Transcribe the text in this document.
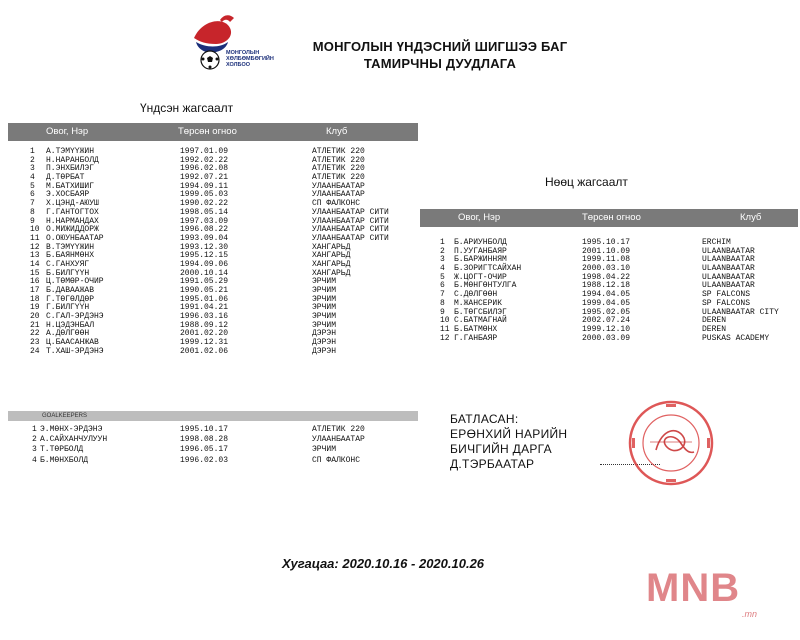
МОНГОЛЫН
ХӨЛБӨМБӨГИЙН
ХОЛБОО
МОНГОЛЫН ҮНДЭСНИЙ ШИГШЭЭ БАГ
ТАМИРЧНЫ ДУУДЛАГА
Үндсэн жагсаалт
Овог, Нэр	Төрсөн огноо	Клуб
1 А.ТЭМҮҮЖИН	1997.01.09	АТЛЕТИК 220
2 Н.НАРАНБОЛД	1992.02.22	АТЛЕТИК 220
3 П.ЭНХБИЛЭГ	1996.02.08	АТЛЕТИК 220
4 Д.ТӨРБАТ	1992.07.21	АТЛЕТИК 220
5 М.БАТХИШИГ	1994.09.11	УЛААНБААТАР
6 Э.ХОСБАЯР	1999.05.03	УЛААНБААТАР
7 Х.ЦЭНД-АЮУШ	1990.02.22	СП ФАЛКОНС
8 Г.ГАНТОГТОХ	1998.05.14	УЛААНБААТАР СИТИ
9 Н.НАРМАНДАХ	1997.03.09	УЛААНБААТАР СИТИ
10 О.МИЖИДДОРЖ	1996.08.22	УЛААНБААТАР СИТИ
11 О.ОЮУНБААТАР	1993.09.04	УЛААНБААТАР СИТИ
12 В.ТЭМҮҮЖИН	1993.12.30	ХАНГАРЬД
13 Б.БАЯНМӨНХ	1995.12.15	ХАНГАРЬД
14 С.ГАНХУЯГ	1994.09.06	ХАНГАРЬД
15 Б.БИЛГҮҮН	2000.10.14	ХАНГАРЬД
16 Ц.ТӨМӨР-ОЧИР	1991.05.29	ЭРЧИМ
17 Б.ДАВААЖАВ	1990.05.21	ЭРЧИМ
18 Г.ТӨГӨЛДӨР	1995.01.06	ЭРЧИМ
19 Г.БИЛГҮҮН	1991.04.21	ЭРЧИМ
20 С.ГАЛ-ЭРДЭНЭ	1996.03.16	ЭРЧИМ
21 Н.ЦЭДЭНБАЛ	1988.09.12	ЭРЧИМ
22 А.ДӨЛГӨӨН	2001.02.20	ДЭРЭН
23 Ц.БААСАНЖАВ	1999.12.31	ДЭРЭН
24 Т.ХАШ-ЭРДЭНЭ	2001.02.06	ДЭРЭН
GOALKEEPERS
1 Э.МӨНХ-ЭРДЭНЭ	1995.10.17	АТЛЕТИК 220
2 А.САЙХАНЧУЛУУН	1998.08.28	УЛААНБААТАР
3 Т.ТӨРБОЛД	1996.05.17	ЭРЧИМ
4 Б.МӨНХБОЛД	1996.02.03	СП ФАЛКОНС
Нөөц жагсаалт
Овог, Нэр	Төрсөн огноо	Клуб
1 Б.АРИУНБОЛД	1995.10.17	ERCHIM
2 П.УУГАНБАЯР	2001.10.09	ULAANBAATAR
3 Б.БАРЖИННЯМ	1999.11.08	ULAANBAATAR
4 Б.ЗОРИГТСАЙХАН	2000.03.10	ULAANBAATAR
5 Ж.ЦОГТ-ОЧИР	1998.04.22	ULAANBAATAR
6 Б.МӨНГӨНТУЛГА	1988.12.18	ULAANBAATAR
7 С.ДӨЛГӨӨН	1994.04.05	SP FALCONS
8 М.ЖАНСЕРИК	1999.04.05	SP FALCONS
9 Б.ТӨГСБИЛЭГ	1995.02.05	ULAANBAATAR CITY
10 С.БАТМАГНАЙ	2002.07.24	DEREN
11 Б.БАТМӨНХ	1999.12.10	DEREN
12 Г.ГАНБАЯР	2000.03.09	PUSKAS ACADEMY
БАТЛАСАН:
ЕРӨНХИЙ НАРИЙН
БИЧГИЙН ДАРГА
Д.ТЭРБААТАР
Хугацаа: 2020.10.16 - 2020.10.26
MNB
.mn
